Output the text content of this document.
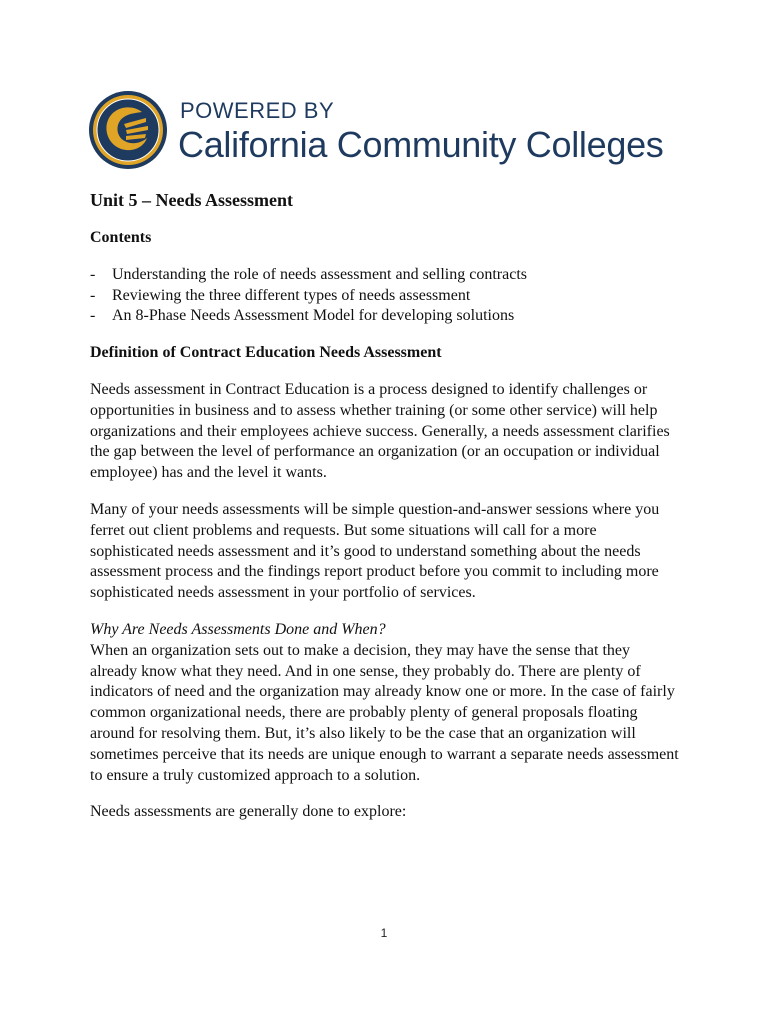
POWERED BY
California Community Colleges
Unit 5 – Needs Assessment
Contents
- Understanding the role of needs assessment and selling contracts
- Reviewing the three different types of needs assessment
- An 8-Phase Needs Assessment Model for developing solutions
Definition of Contract Education Needs Assessment

Needs assessment in Contract Education is a process designed to identify challenges or opportunities in business and to assess whether training (or some other service) will help organizations and their employees achieve success. Generally, a needs assessment clarifies the gap between the level of performance an organization (or an occupation or individual employee) has and the level it wants.

Many of your needs assessments will be simple question-and-answer sessions where you ferret out client problems and requests. But some situations will call for a more sophisticated needs assessment and it’s good to understand something about the needs assessment process and the findings report product before you commit to including more sophisticated needs assessment in your portfolio of services.

Why Are Needs Assessments Done and When?

When an organization sets out to make a decision, they may have the sense that they already know what they need. And in one sense, they probably do. There are plenty of indicators of need and the organization may already know one or more. In the case of fairly common organizational needs, there are probably plenty of general proposals floating around for resolving them. But, it’s also likely to be the case that an organization will sometimes perceive that its needs are unique enough to warrant a separate needs assessment to ensure a truly customized approach to a solution.

Needs assessments are generally done to explore:

1
